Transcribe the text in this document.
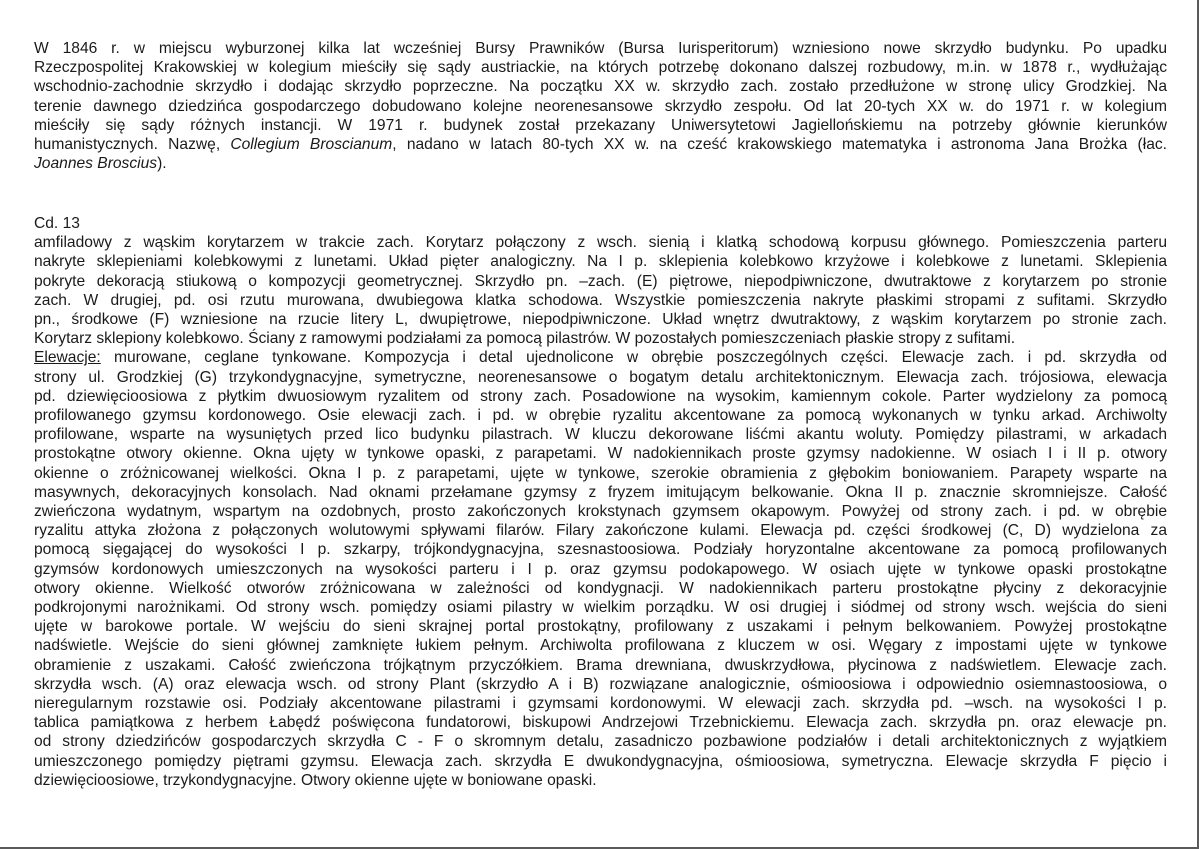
W 1846 r. w miejscu wyburzonej kilka lat wcześniej Bursy Prawników (Bursa Iurisperitorum) wzniesiono nowe skrzydło budynku. Po upadku
Rzeczpospolitej Krakowskiej w kolegium mieściły się sądy austriackie, na których potrzebę dokonano dalszej rozbudowy, m.in. w 1878 r., wydłużając
wschodnio-zachodnie skrzydło i dodając skrzydło poprzeczne. Na początku XX w. skrzydło zach. zostało przedłużone w stronę ulicy Grodzkiej. Na
terenie dawnego dziedzińca gospodarczego dobudowano kolejne neorenesansowe skrzydło zespołu. Od lat 20-tych XX w. do 1971 r. w kolegium
mieściły się sądy różnych instancji. W 1971 r. budynek został przekazany Uniwersytetowi Jagiellońskiemu na potrzeby głównie kierunków
humanistycznych. Nazwę, Collegium Broscianum, nadano w latach 80-tych XX w. na cześć krakowskiego matematyka i astronoma Jana Brożka (łac.
Joannes Broscius).
Cd. 13
amfiladowy z wąskim korytarzem w trakcie zach. Korytarz połączony z wsch. sienią i klatką schodową korpusu głównego. Pomieszczenia parteru
nakryte sklepieniami kolebkowymi z lunetami. Układ pięter analogiczny. Na I p. sklepienia kolebkowo krzyżowe i kolebkowe z lunetami. Sklepienia
pokryte dekoracją stiukową o kompozycji geometrycznej. Skrzydło pn. –zach. (E) piętrowe, niepodpiwniczone, dwutraktowe z korytarzem po stronie
zach. W drugiej, pd. osi rzutu murowana, dwubiegowa klatka schodowa. Wszystkie pomieszczenia nakryte płaskimi stropami z sufitami. Skrzydło
pn., środkowe (F) wzniesione na rzucie litery L, dwupiętrowe, niepodpiwniczone. Układ wnętrz dwutraktowy, z wąskim korytarzem po stronie zach.
Korytarz sklepiony kolebkowo. Ściany z ramowymi podziałami za pomocą pilastrów. W pozostałych pomieszczeniach płaskie stropy z sufitami.
Elewacje: murowane, ceglane tynkowane. Kompozycja i detal ujednolicone w obrębie poszczególnych części. Elewacje zach. i pd. skrzydła od
strony ul. Grodzkiej (G) trzykondygnacyjne, symetryczne, neorenesansowe o bogatym detalu architektonicznym. Elewacja zach. trójosiowa, elewacja
pd. dziewięcioosiowa z płytkim dwuosiowym ryzalitem od strony zach. Posadowione na wysokim, kamiennym cokole. Parter wydzielony za pomocą
profilowanego gzymsu kordonowego. Osie elewacji zach. i pd. w obrębie ryzalitu akcentowane za pomocą wykonanych w tynku arkad. Archiwolty
profilowane, wsparte na wysuniętych przed lico budynku pilastrach. W kluczu dekorowane liśćmi akantu woluty. Pomiędzy pilastrami, w arkadach
prostokątne otwory okienne. Okna ujęty w tynkowe opaski, z parapetami. W nadokiennikach proste gzymsy nadokienne. W osiach I i II p. otwory
okienne o zróżnicowanej wielkości. Okna I p. z parapetami, ujęte w tynkowe, szerokie obramienia z głębokim boniowaniem. Parapety wsparte na
masywnych, dekoracyjnych konsolach. Nad oknami przełamane gzymsy z fryzem imitującym belkowanie. Okna II p. znacznie skromniejsze. Całość
zwieńczona wydatnym, wspartym na ozdobnych, prosto zakończonych krokstynach gzymsem okapowym. Powyżej od strony zach. i pd. w obrębie
ryzalitu attyka złożona z połączonych wolutowymi spływami filarów. Filary zakończone kulami. Elewacja pd. części środkowej (C, D) wydzielona za
pomocą sięgającej do wysokości I p. szkarpy, trójkondygnacyjna, szesnastoosiowa. Podziały horyzontalne akcentowane za pomocą profilowanych
gzymsów kordonowych umieszczonych na wysokości parteru i I p. oraz gzymsu podokapowego. W osiach ujęte w tynkowe opaski prostokątne
otwory okienne. Wielkość otworów zróżnicowana w zależności od kondygnacji. W nadokiennikach parteru prostokątne płyciny z dekoracyjnie
podkrojonymi narożnikami. Od strony wsch. pomiędzy osiami pilastry w wielkim porządku. W osi drugiej i siódmej od strony wsch. wejścia do sieni
ujęte w barokowe portale. W wejściu do sieni skrajnej portal prostokątny, profilowany z uszakami i pełnym belkowaniem. Powyżej prostokątne
nadświetle. Wejście do sieni głównej zamknięte łukiem pełnym. Archiwolta profilowana z kluczem w osi. Węgary z impostami ujęte w tynkowe
obramienie z uszakami. Całość zwieńczona trójkątnym przyczółkiem. Brama drewniana, dwuskrzydłowa, płycinowa z nadświetlem. Elewacje zach.
skrzydła wsch. (A) oraz elewacja wsch. od strony Plant (skrzydło A i B) rozwiązane analogicznie, ośmioosiowa i odpowiednio osiemnastoosiowa, o
nieregularnym rozstawie osi. Podziały akcentowane pilastrami i gzymsami kordonowymi. W elewacji zach. skrzydła pd. –wsch. na wysokości I p.
tablica pamiątkowa z herbem Łabędź poświęcona fundatorowi, biskupowi Andrzejowi Trzebnickiemu. Elewacja zach. skrzydła pn. oraz elewacje pn.
od strony dziedzińców gospodarczych skrzydła C - F o skromnym detalu, zasadniczo pozbawione podziałów i detali architektonicznych z wyjątkiem
umieszczonego pomiędzy piętrami gzymsu. Elewacja zach. skrzydła E dwukondygnacyjna, ośmioosiowa, symetryczna. Elewacje skrzydła F pięcio i
dziewięcioosiowe, trzykondygnacyjne. Otwory okienne ujęte w boniowane opaski.
